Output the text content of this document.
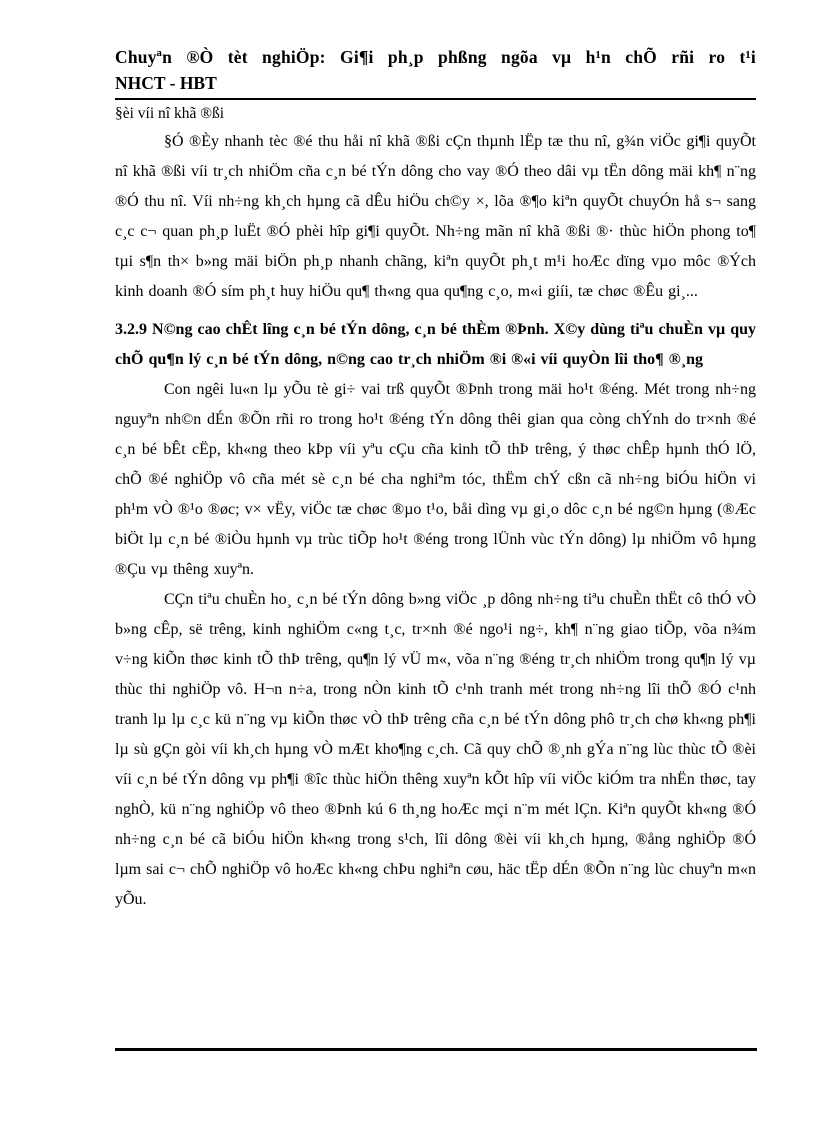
Chuyªn ®Ò tèt nghiÖp: Gi¶i ph¸p phßng ngõa vµ h¹n chÕ rñi ro t¹i
NHCT - HBT
§èi víi nî khã ®ßi

§Ó ®Èy nhanh tèc ®é thu håi nî khã ®ßi cÇn thµnh lËp tæ thu nî, g¾n viÖc gi¶i quyÕt nî khã ®ßi víi tr¸ch nhiÖm cña c¸n bé tÝn dông cho vay ®Ó theo dâi vµ tËn dông mäi kh¶ n¨ng ®Ó thu nî. Víi nh÷ng kh¸ch hµng cã dÊu hiÖu ch©y ×, lõa ®¶o kiªn quyÕt chuyÓn hå s¬ sang c¸c c¬ quan ph¸p luËt ®Ó phèi hîp gi¶i quyÕt. Nh÷ng mãn nî khã ®ßi ®· thùc hiÖn phong to¶ tµi s¶n th× b»ng mäi biÖn ph¸p nhanh chãng, kiªn quyÕt ph¸t m¹i hoÆc dïng vµo môc ®Ých kinh doanh ®Ó sím ph¸t huy hiÖu qu¶ th«ng qua qu¶ng c¸o, m«i giíi, tæ chøc ®Êu gi¸...

3.2.9 N©ng cao chÊt lîng c¸n bé tÝn dông, c¸n bé thÈm ®Þnh. X©y dùng tiªu chuÈn vµ quy chÕ qu¶n lý c¸n bé tÝn dông, n©ng cao tr¸ch nhiÖm ®i ®«i víi quyÒn lîi tho¶ ®¸ng

Con ngêi lu«n lµ yÕu tè gi÷ vai trß quyÕt ®Þnh trong mäi ho¹t ®éng. Mét trong nh÷ng nguyªn nh©n dÉn ®Õn rñi ro trong ho¹t ®éng tÝn dông thêi gian qua còng chÝnh do tr×nh ®é c¸n bé bÊt cËp, kh«ng theo kÞp víi yªu cÇu cña kinh tÕ thÞ trêng, ý thøc chÊp hµnh thÓ lÖ, chÕ ®é nghiÖp vô cña mét sè c¸n bé cha nghiªm tóc, thËm chÝ cßn cã nh÷ng biÓu hiÖn vi ph¹m vÒ ®¹o ®øc; v× vËy, viÖc tæ chøc ®µo t¹o, båi dìng vµ gi¸o dôc c¸n bé ng©n hµng (®Æc biÖt lµ c¸n bé ®iÒu hµnh vµ trùc tiÕp ho¹t ®éng trong lÜnh vùc tÝn dông) lµ nhiÖm vô hµng ®Çu vµ thêng xuyªn.

CÇn tiªu chuÈn ho¸ c¸n bé tÝn dông b»ng viÖc ¸p dông nh÷ng tiªu chuÈn thËt cô thÓ vÒ b»ng cÊp, së trêng, kinh nghiÖm c«ng t¸c, tr×nh ®é ngo¹i ng÷, kh¶ n¨ng giao tiÕp, võa n¾m v÷ng kiÕn thøc kinh tÕ thÞ trêng, qu¶n lý vÜ m«, võa n¨ng ®éng tr¸ch nhiÖm trong qu¶n lý vµ thùc thi nghiÖp vô. H¬n n÷a, trong nÒn kinh tÕ c¹nh tranh mét trong nh÷ng lîi thÕ ®Ó c¹nh tranh lµ lµ c¸c kü n¨ng vµ kiÕn thøc vÒ thÞ trêng cña c¸n bé tÝn dông phô tr¸ch chø kh«ng ph¶i lµ sù gÇn gòi víi kh¸ch hµng vÒ mÆt kho¶ng c¸ch. Cã quy chÕ ®¸nh gÝa n¨ng lùc thùc tÕ ®èi víi c¸n bé tÝn dông vµ ph¶i ®îc thùc hiÖn thêng xuyªn kÕt hîp víi viÖc kiÓm tra nhËn thøc, tay nghÒ, kü n¨ng nghiÖp vô theo ®Þnh kú 6 th¸ng hoÆc mçi n¨m mét lÇn. Kiªn quyÕt kh«ng ®Ó nh÷ng c¸n bé cã biÓu hiÖn kh«ng trong s¹ch, lîi dông ®èi víi kh¸ch hµng, ®ång nghiÖp ®Ó lµm sai c¬ chÕ nghiÖp vô hoÆc kh«ng chÞu nghiªn cøu, häc tËp dÉn ®Õn n¨ng lùc chuyªn m«n yÕu.
